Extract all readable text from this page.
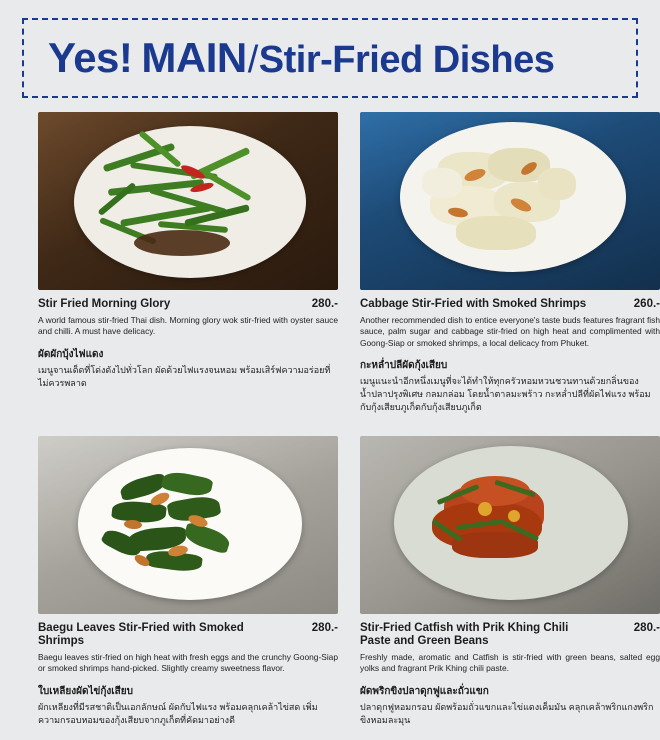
Yes! MAIN / Stir-Fried Dishes
Stir Fried Morning Glory	280.-
A world famous stir-fried Thai dish. Morning glory wok stir-fried with oyster sauce and chilli. A must have delicacy.
ผัดผักบุ้งไฟแดง
เมนูจานเด็ดที่โด่งดังไปทั่วโลก ผัดด้วยไฟแรงจนหอม พร้อมเสิร์ฟความอร่อยที่ไม่ควรพลาด
Cabbage Stir-Fried with Smoked Shrimps	260.-
Another recommended dish to entice everyone's taste buds features fragrant fish sauce, palm sugar and cabbage stir-fried on high heat and complimented with Goong-Siap or smoked shrimps, a local delicacy from Phuket.
กะหล่ำปลีผัดกุ้งเสียบ
เมนูแนะนำอีกหนึ่งเมนูที่จะได้ทำให้ทุกครัวหอมหวนชวนทานด้วยกลิ่นของน้ำปลาปรุงพิเศษ กลมกล่อม โดยน้ำตาลมะพร้าว กะหล่ำปลีที่ผัดไฟแรง พร้อมกับกุ้งเสียบภูเก็ตกับกุ้งเสียบภูเก็ต
Baegu Leaves Stir-Fried with Smoked Shrimps
280.-
Baegu leaves stir-fried on high heat with fresh eggs and the crunchy Goong-Siap or smoked shrimps hand-picked. Slightly creamy sweetness flavor.
ใบเหลียงผัดไข่กุ้งเสียบ
ผักเหลียงที่มีรสชาติเป็นเอกลักษณ์ ผัดกับไฟแรง พร้อมคลุกเคล้าไข่สด เพิ่มความกรอบหอมของกุ้งเสียบจากภูเก็ตที่คัดมาอย่างดี
Stir-Fried Catfish with Prik Khing Chili Paste and Green Beans
280.-
Freshly made, aromatic and Catfish is stir-fried with green beans, salted egg yolks and fragrant Prik Khing chili paste.
ผัดพริกขิงปลาดุกฟูและถั่วแขก
ปลาดุกฟูหอมกรอบ ผัดพร้อมถั่วแขกและไข่แดงเค็มมัน คลุกเคล้าพริกแกงพริกขิงหอมละมุน
